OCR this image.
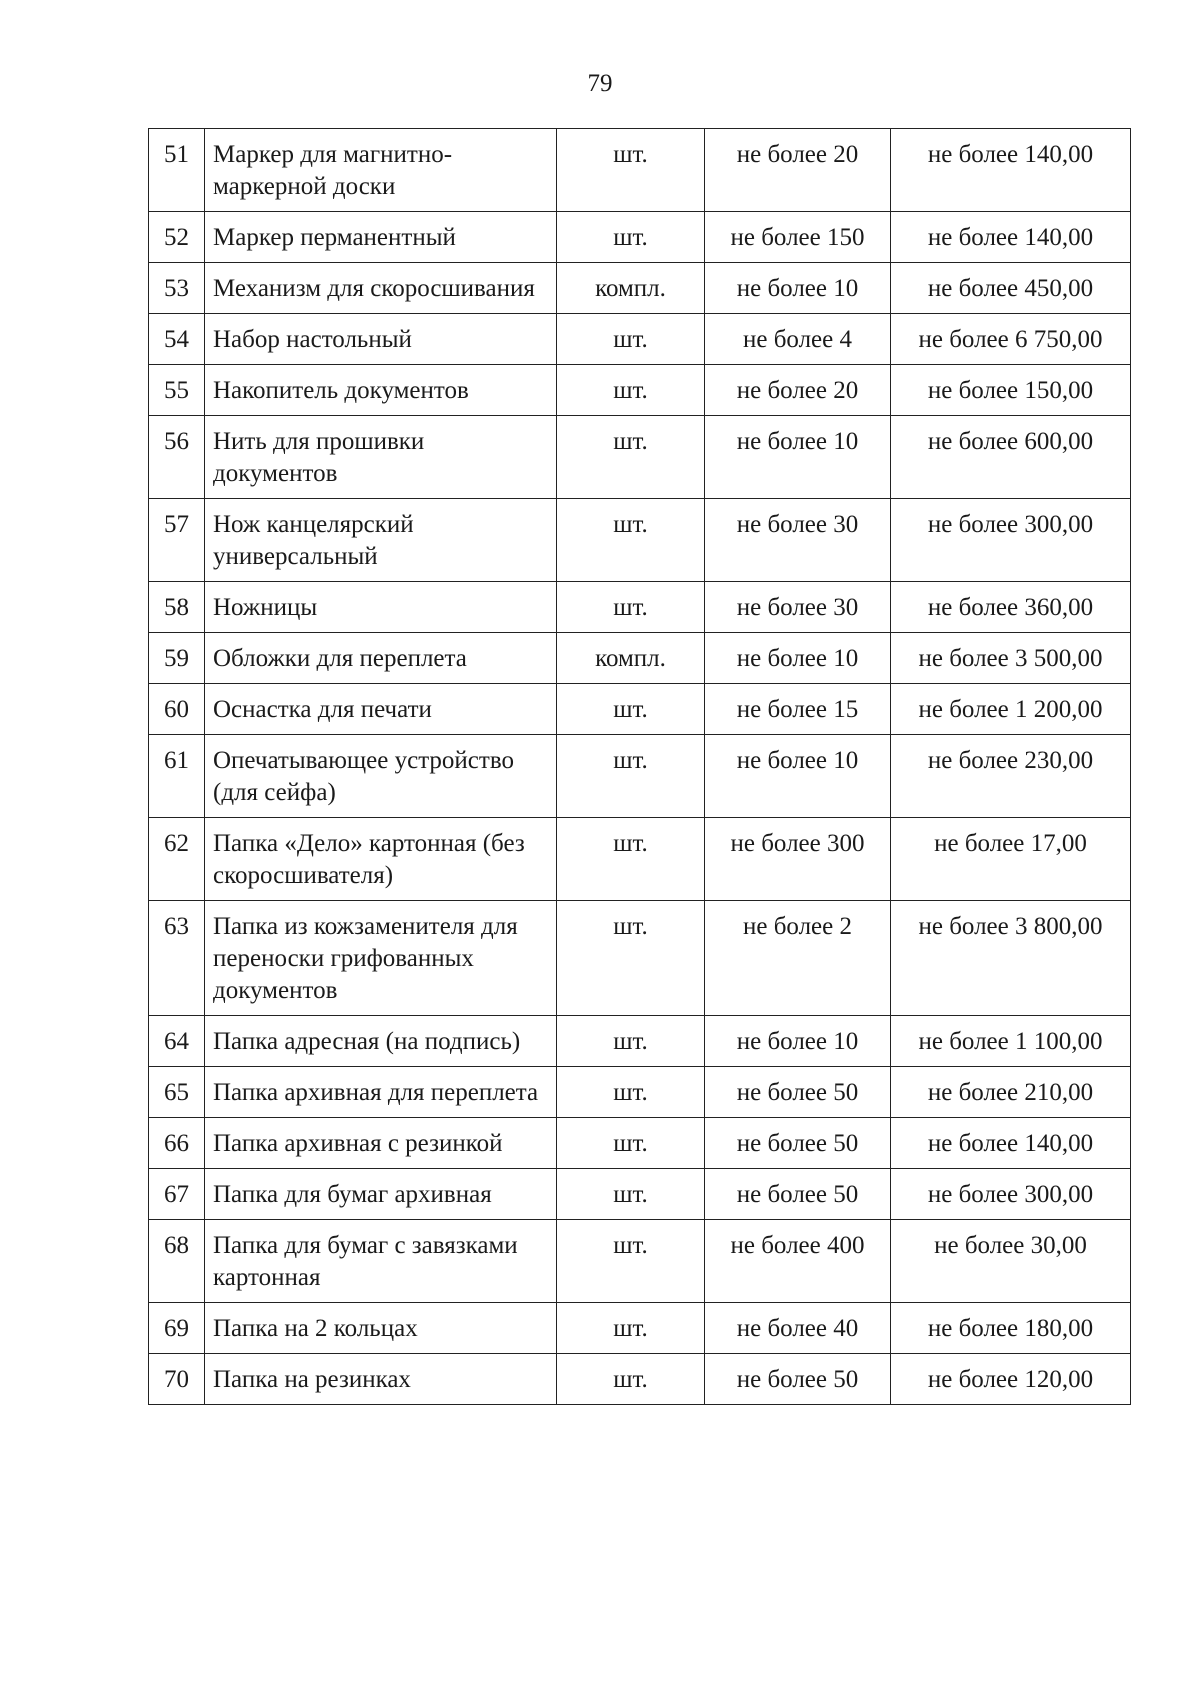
79
51	Маркер для магнитно-маркерной доски	шт.	не более 20	не более 140,00
52	Маркер перманентный	шт.	не более 150	не более 140,00
53	Механизм для скоросшивания	компл.	не более 10	не более 450,00
54	Набор настольный	шт.	не более 4	не более 6 750,00
55	Накопитель документов	шт.	не более 20	не более 150,00
56	Нить для прошивки документов	шт.	не более 10	не более 600,00
57	Нож канцелярский универсальный	шт.	не более 30	не более 300,00
58	Ножницы	шт.	не более 30	не более 360,00
59	Обложки для переплета	компл.	не более 10	не более 3 500,00
60	Оснастка для печати	шт.	не более 15	не более 1 200,00
61	Опечатывающее устройство (для сейфа)	шт.	не более 10	не более 230,00
62	Папка «Дело» картонная (без скоросшивателя)	шт.	не более 300	не более 17,00
63	Папка из кожзаменителя для переноски грифованных документов	шт.	не более 2	не более 3 800,00
64	Папка адресная (на подпись)	шт.	не более 10	не более 1 100,00
65	Папка архивная для переплета	шт.	не более 50	не более 210,00
66	Папка архивная с резинкой	шт.	не более 50	не более 140,00
67	Папка для бумаг архивная	шт.	не более 50	не более 300,00
68	Папка для бумаг с завязками картонная	шт.	не более 400	не более 30,00
69	Папка на 2 кольцах	шт.	не более 40	не более 180,00
70	Папка на резинках	шт.	не более 50	не более 120,00
